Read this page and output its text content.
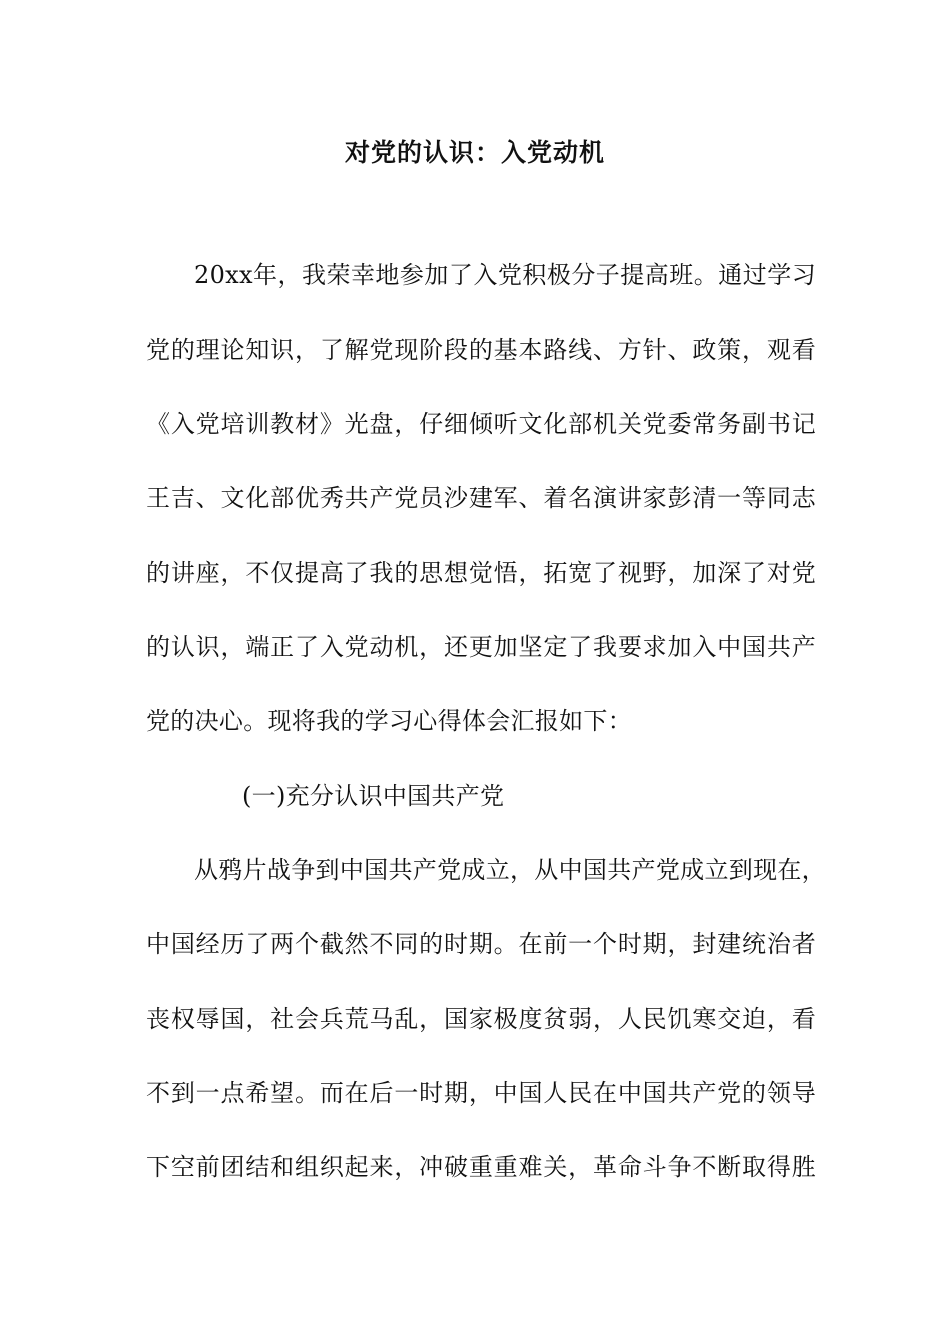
对党的认识：入党动机
20xx年，我荣幸地参加了入党积极分子提高班。通过学习
党的理论知识，了解党现阶段的基本路线、方针、政策，观看
《入党培训教材》光盘，仔细倾听文化部机关党委常务副书记
王吉、文化部优秀共产党员沙建军、着名演讲家彭清一等同志
的讲座，不仅提高了我的思想觉悟，拓宽了视野，加深了对党
的认识，端正了入党动机，还更加坚定了我要求加入中国共产
党的决心。现将我的学习心得体会汇报如下：
(一)充分认识中国共产党
从鸦片战争到中国共产党成立，从中国共产党成立到现在，
中国经历了两个截然不同的时期。在前一个时期，封建统治者
丧权辱国，社会兵荒马乱，国家极度贫弱，人民饥寒交迫，看
不到一点希望。而在后一时期，中国人民在中国共产党的领导
下空前团结和组织起来，冲破重重难关，革命斗争不断取得胜
